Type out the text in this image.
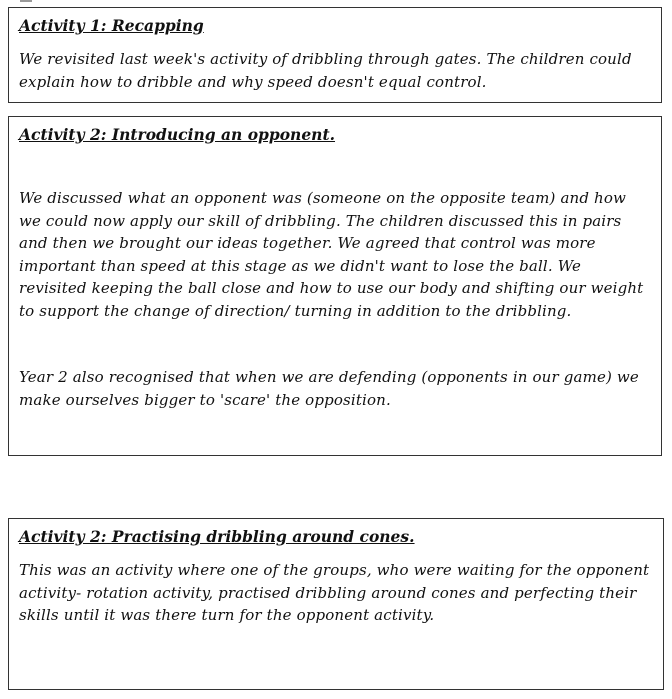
Activity 1: Recapping

We revisited last week's activity of dribbling through gates. The children could explain how to dribble and why speed doesn't equal control.

Activity 2: Introducing an opponent.

We discussed what an opponent was (someone on the opposite team) and how we could now apply our skill of dribbling. The children discussed this in pairs and then we brought our ideas together. We agreed that control was more important than speed at this stage as we didn't want to lose the ball. We revisited keeping the ball close and how to use our body and shifting our weight to support the change of direction/ turning in addition to the dribbling.

Year 2 also recognised that when we are defending (opponents in our game) we make ourselves bigger to 'scare' the opposition.

Activity 2: Practising dribbling around cones.

This was an activity where one of the groups, who were waiting for the opponent activity- rotation activity, practised dribbling around cones and perfecting their skills until it was there turn for the opponent activity.
